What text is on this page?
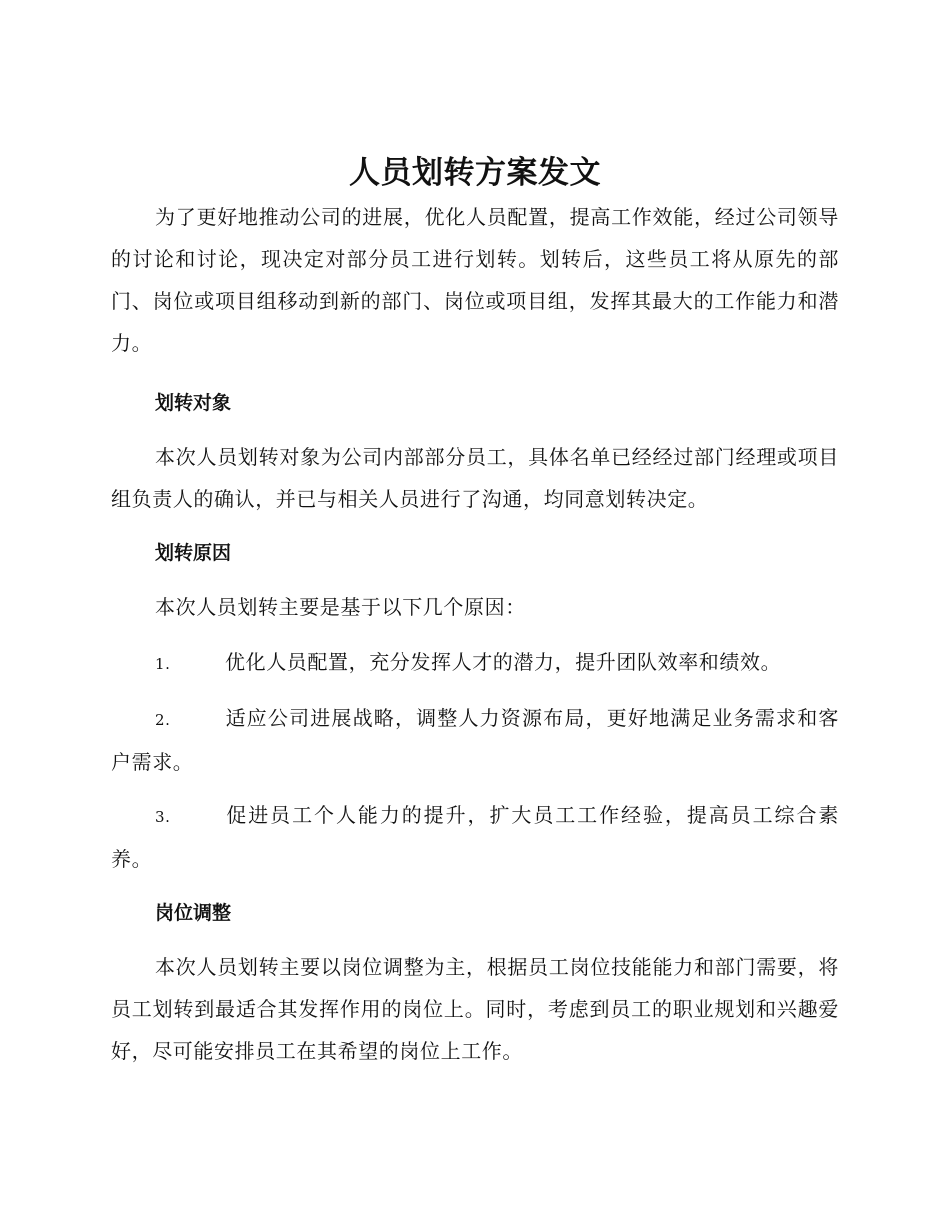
人员划转方案发文

为了更好地推动公司的进展，优化人员配置，提高工作效能，经过公司领导的讨论和讨论，现决定对部分员工进行划转。划转后，这些员工将从原先的部门、岗位或项目组移动到新的部门、岗位或项目组，发挥其最大的工作能力和潜力。

划转对象

本次人员划转对象为公司内部部分员工，具体名单已经经过部门经理或项目组负责人的确认，并已与相关人员进行了沟通，均同意划转决定。

划转原因

本次人员划转主要是基于以下几个原因：

1.	优化人员配置，充分发挥人才的潜力，提升团队效率和绩效。

2.	适应公司进展战略，调整人力资源布局，更好地满足业务需求和客户需求。

3.	促进员工个人能力的提升，扩大员工工作经验，提高员工综合素养。

岗位调整

本次人员划转主要以岗位调整为主，根据员工岗位技能能力和部门需要，将员工划转到最适合其发挥作用的岗位上。同时，考虑到员工的职业规划和兴趣爱好，尽可能安排员工在其希望的岗位上工作。
